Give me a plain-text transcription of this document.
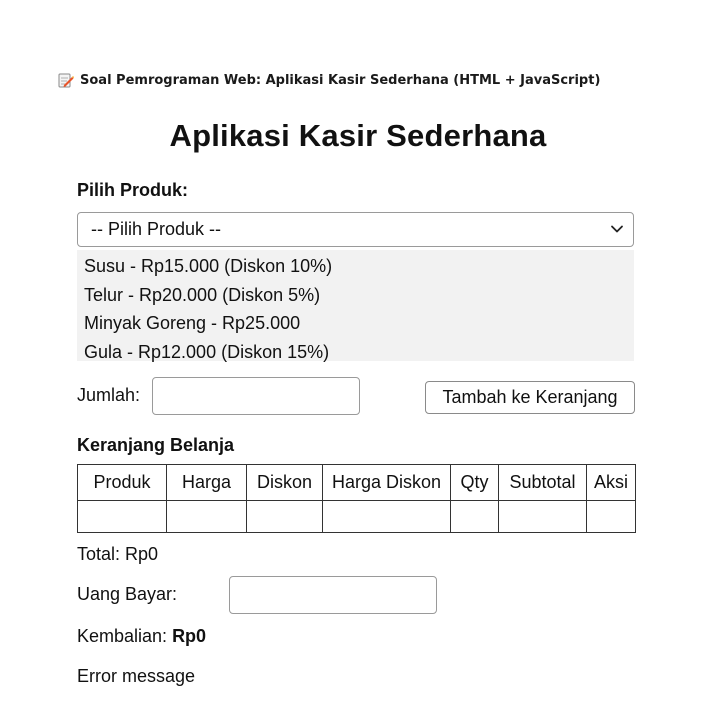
Soal Pemrograman Web: Aplikasi Kasir Sederhana (HTML + JavaScript)
Aplikasi Kasir Sederhana
Pilih Produk:
-- Pilih Produk --
Susu - Rp15.000 (Diskon 10%)
Telur - Rp20.000 (Diskon 5%)
Minyak Goreng - Rp25.000
Gula - Rp12.000 (Diskon 15%)
Jumlah:	Tambah ke Keranjang
Keranjang Belanja
Produk	Harga	Diskon	Harga Diskon	Qty	Subtotal	Aksi

Total: Rp0
Uang Bayar:
Kembalian: Rp0
Error message
